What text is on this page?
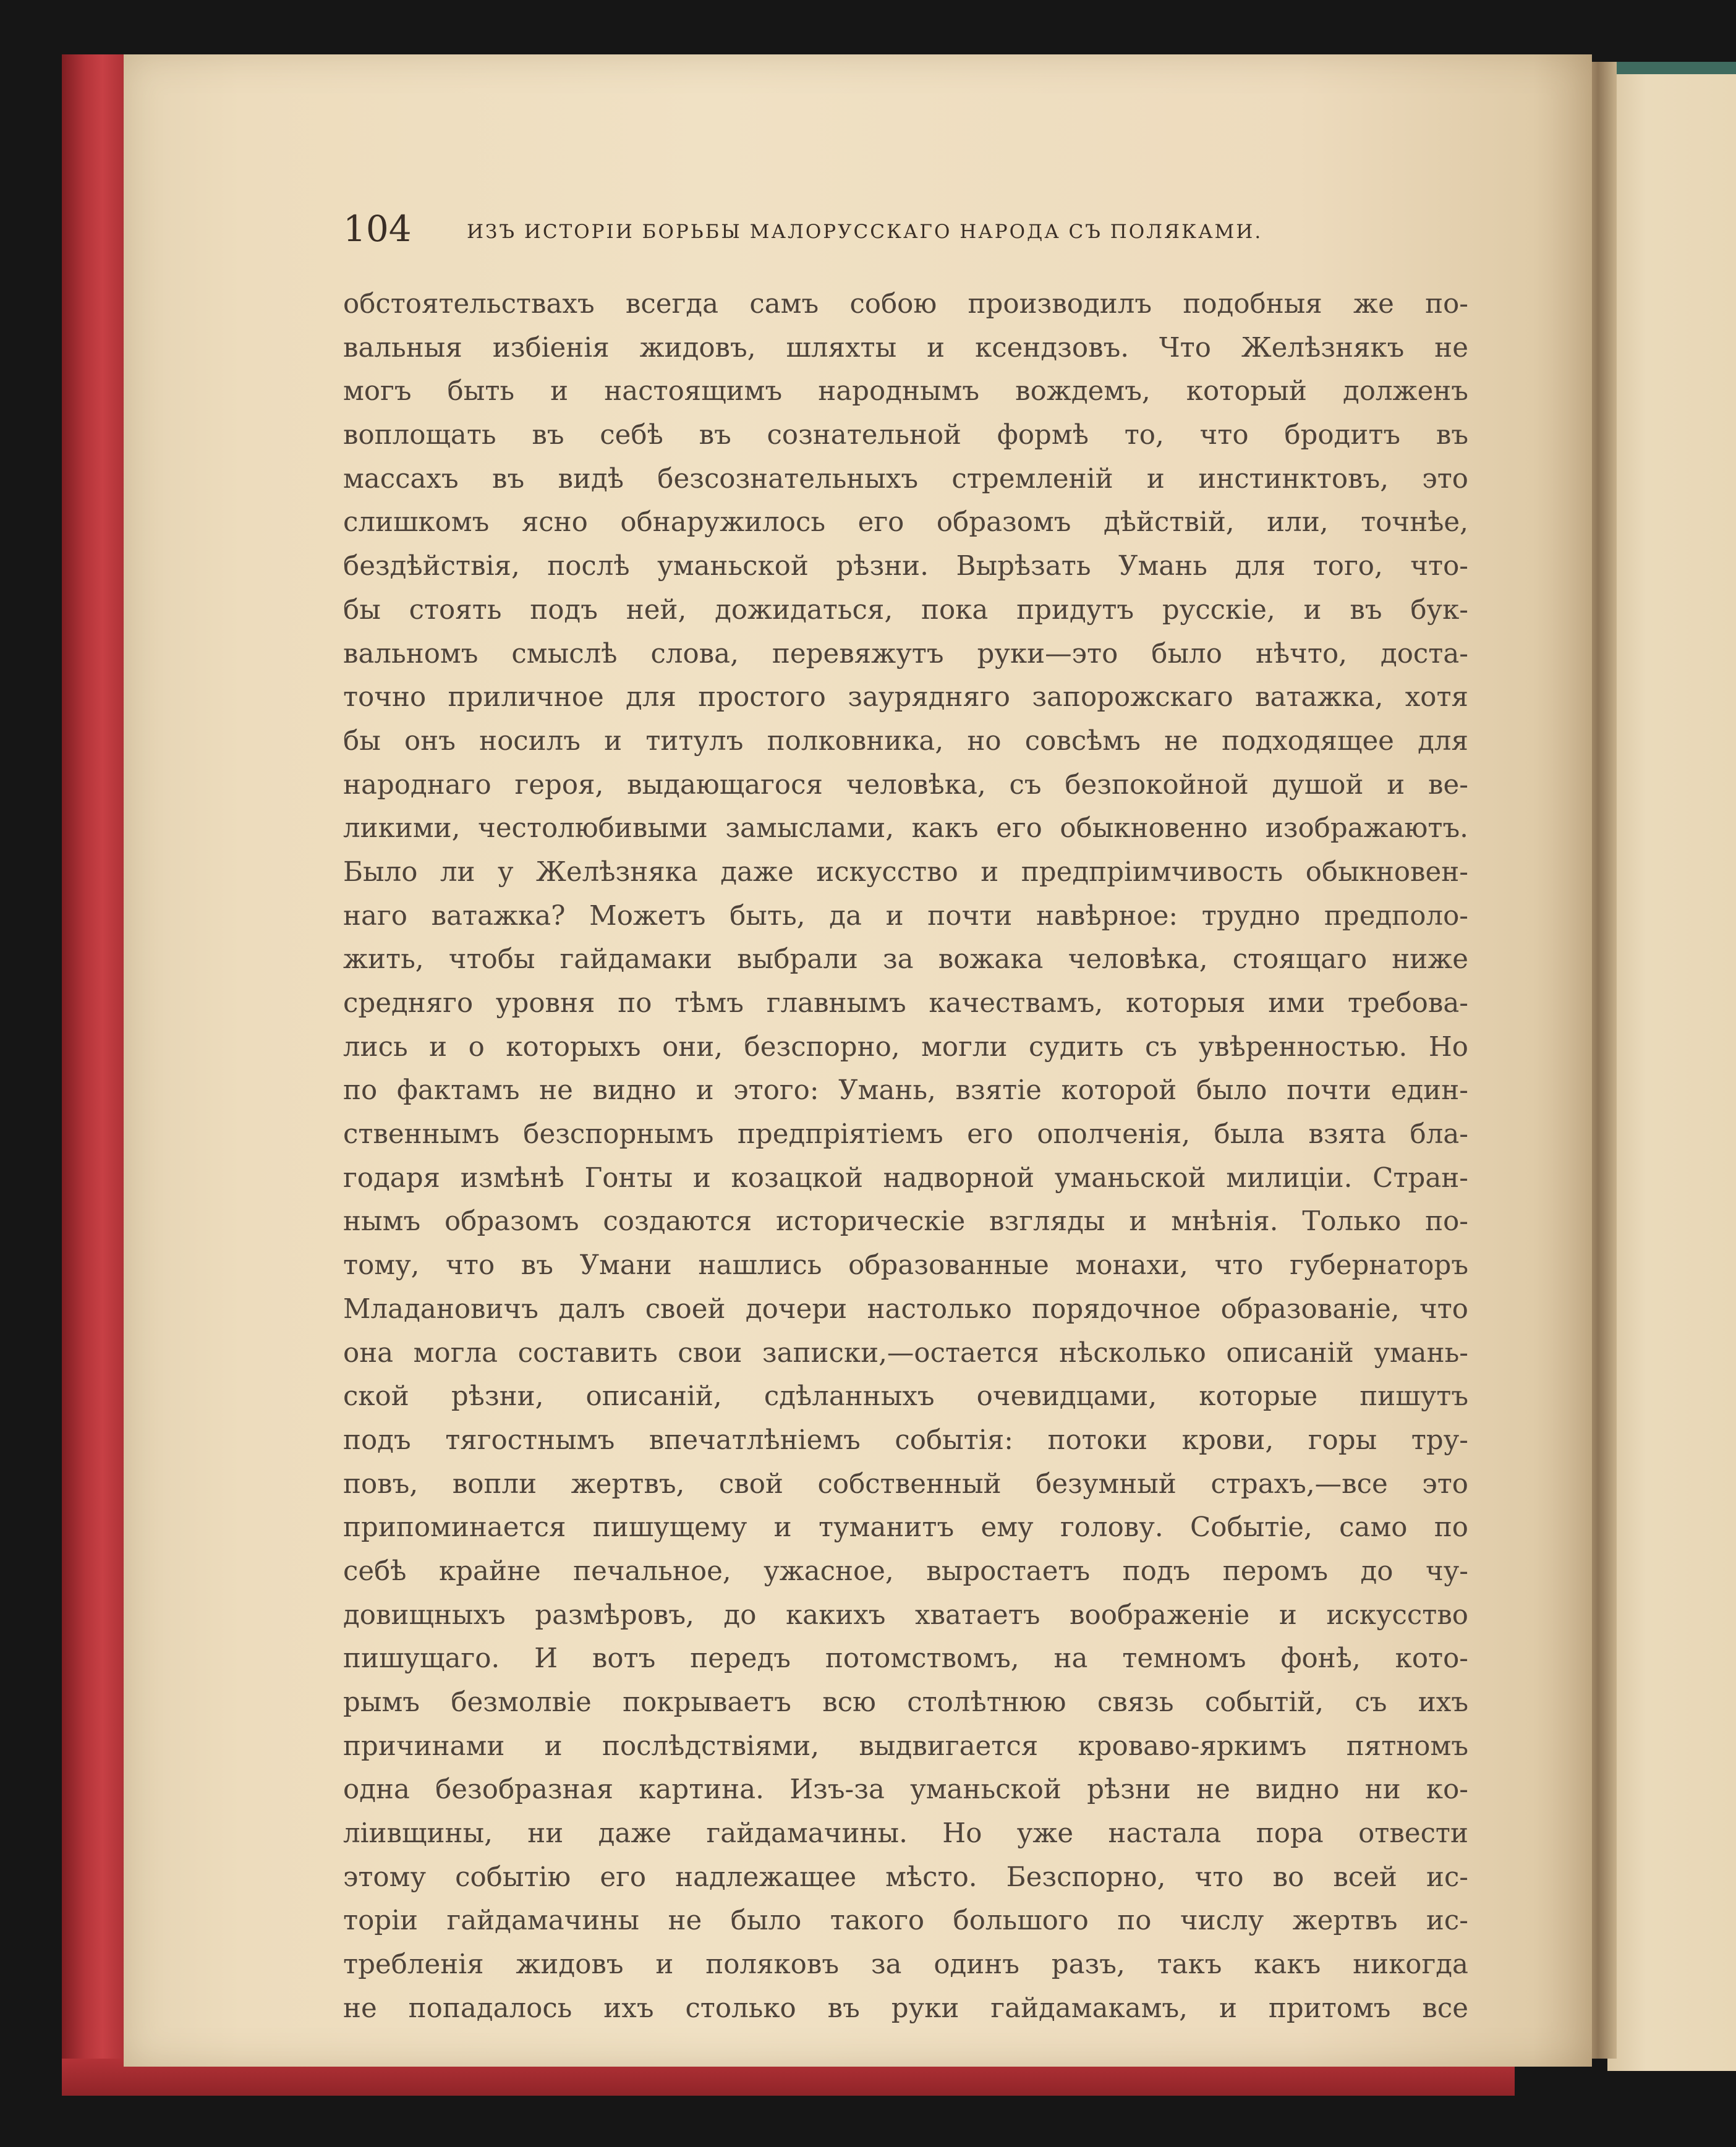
104	ИЗЪ ИСТОРІИ БОРЬБЫ МАЛОРУССКАГО НАРОДА СЪ ПОЛЯКАМИ.
обстоятельствахъ всегда самъ собою производилъ подобныя же по-
вальныя избіенія жидовъ, шляхты и ксендзовъ. Что Желѣзнякъ не
могъ быть и настоящимъ народнымъ вождемъ, который долженъ
воплощать въ себѣ въ сознательной формѣ то, что бродитъ въ
массахъ въ видѣ безсознательныхъ стремленій и инстинктовъ, это
слишкомъ ясно обнаружилось его образомъ дѣйствій, или, точнѣе,
бездѣйствія, послѣ уманьской рѣзни. Вырѣзать Умань для того, что-
бы стоять подъ ней, дожидаться, пока придутъ русскіе, и въ бук-
вальномъ смыслѣ слова, перевяжутъ руки—это было нѣчто, доста-
точно приличное для простого заурядняго запорожскаго ватажка, хотя
бы онъ носилъ и титулъ полковника, но совсѣмъ не подходящее для
народнаго героя, выдающагося человѣка, съ безпокойной душой и ве-
ликими, честолюбивыми замыслами, какъ его обыкновенно изображаютъ.
Было ли у Желѣзняка даже искусство и предпріимчивость обыкновен-
наго ватажка? Можетъ быть, да и почти навѣрное: трудно предполо-
жить, чтобы гайдамаки выбрали за вожака человѣка, стоящаго ниже
средняго уровня по тѣмъ главнымъ качествамъ, которыя ими требова-
лись и о которыхъ они, безспорно, могли судить съ увѣренностью. Но
по фактамъ не видно и этого: Умань, взятіе которой было почти един-
ственнымъ безспорнымъ предпріятіемъ его ополченія, была взята бла-
годаря измѣнѣ Гонты и козацкой надворной уманьской милиціи. Стран-
нымъ образомъ создаются историческіе взгляды и мнѣнія. Только по-
тому, что въ Умани нашлись образованные монахи, что губернаторъ
Младановичъ далъ своей дочери настолько порядочное образованіе, что
она могла составить свои записки,—остается нѣсколько описаній умань-
ской рѣзни, описаній, сдѣланныхъ очевидцами, которые пишутъ
подъ тягостнымъ впечатлѣніемъ событія: потоки крови, горы тру-
повъ, вопли жертвъ, свой собственный безумный страхъ,—все это
припоминается пишущему и туманитъ ему голову. Событіе, само по
себѣ крайне печальное, ужасное, выростаетъ подъ перомъ до чу-
довищныхъ размѣровъ, до какихъ хватаетъ воображеніе и искусство
пишущаго. И вотъ передъ потомствомъ, на темномъ фонѣ, кото-
рымъ безмолвіе покрываетъ всю столѣтнюю связь событій, съ ихъ
причинами и послѣдствіями, выдвигается кроваво-яркимъ пятномъ
одна безобразная картина. Изъ-за уманьской рѣзни не видно ни ко-
ліивщины, ни даже гайдамачины. Но уже настала пора отвести
этому событію его надлежащее мѣсто. Безспорно, что во всей ис-
торіи гайдамачины не было такого большого по числу жертвъ ис-
требленія жидовъ и поляковъ за одинъ разъ, такъ какъ никогда
не попадалось ихъ столько въ руки гайдамакамъ, и притомъ все
